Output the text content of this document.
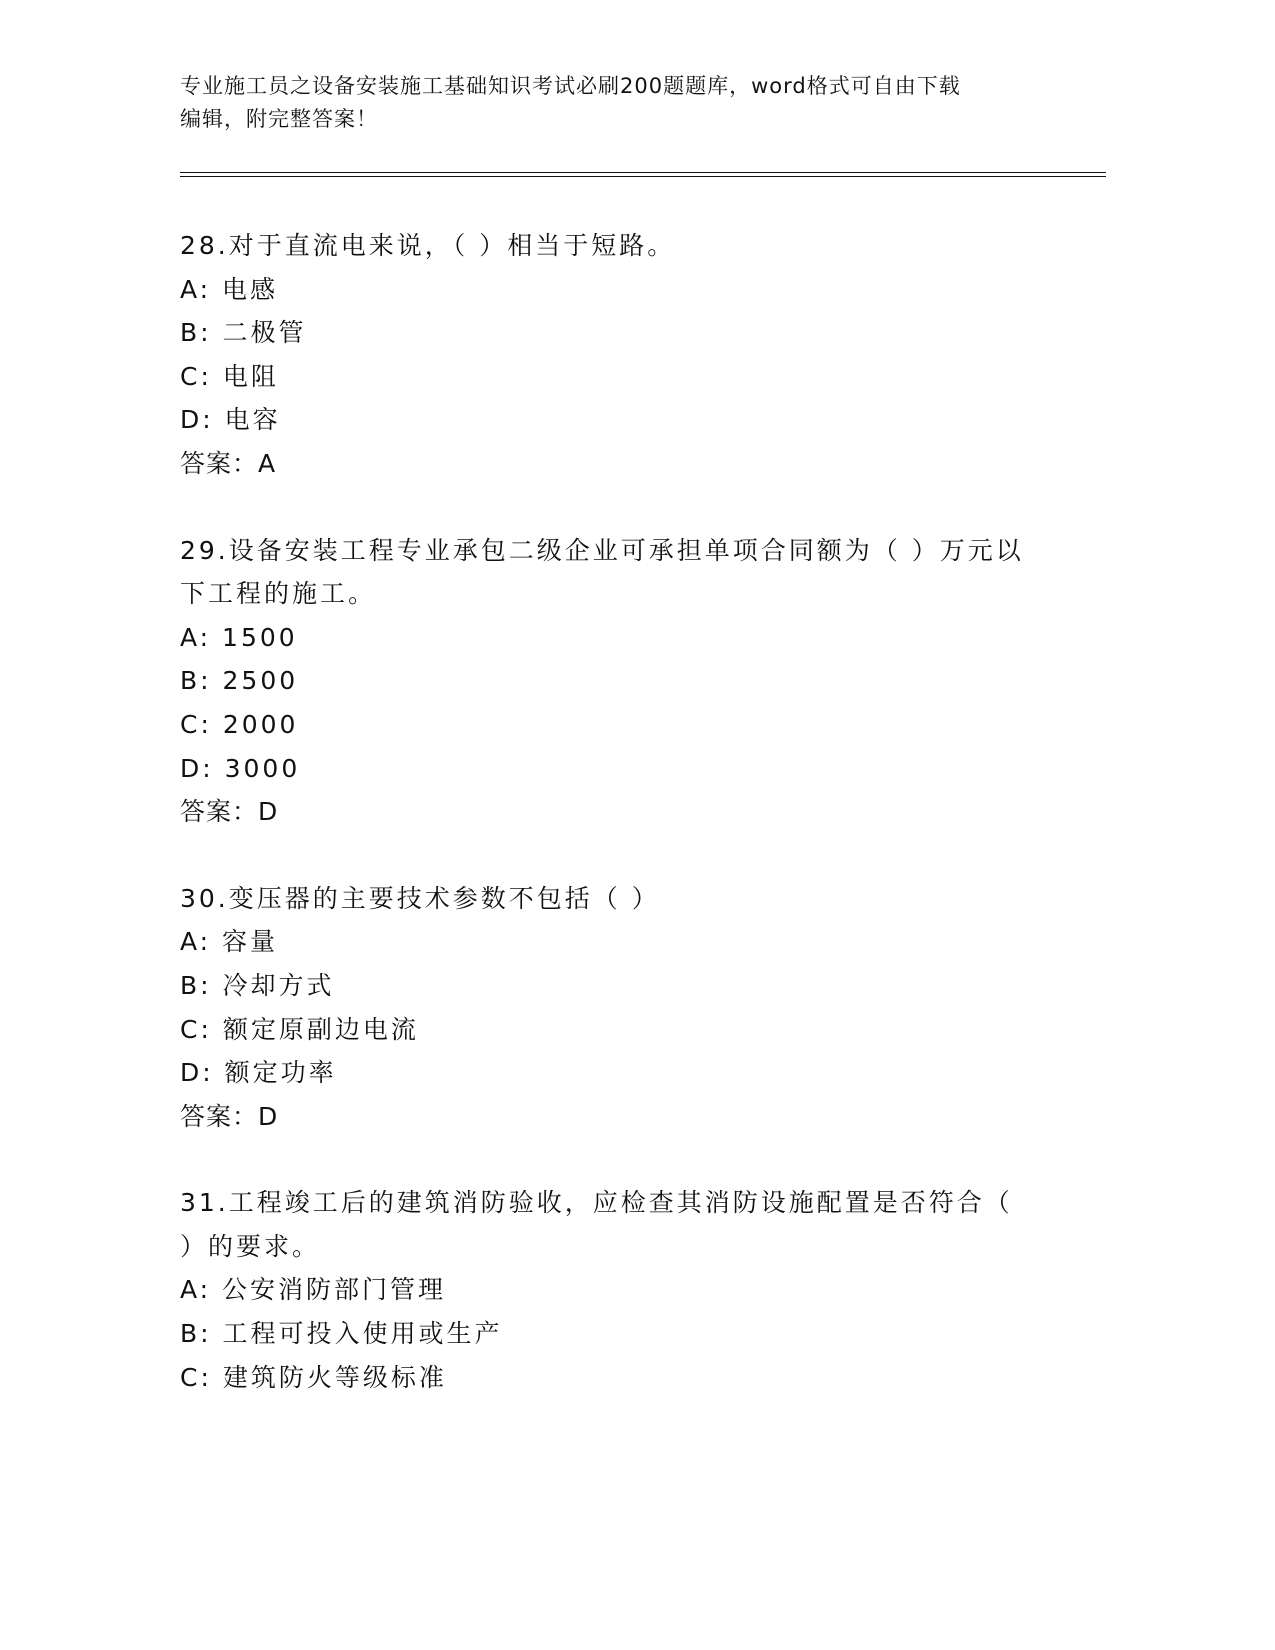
专业施工员之设备安装施工基础知识考试必刷200题题库，word格式可自由下载
编辑，附完整答案！
28.对于直流电来说，（ ）相当于短路。
A: 电感
B: 二极管
C: 电阻
D: 电容
答案：A
29.设备安装工程专业承包二级企业可承担单项合同额为（ ）万元以
下工程的施工。
A: 1500
B: 2500
C: 2000
D: 3000
答案：D
30.变压器的主要技术参数不包括（ ）
A: 容量
B: 冷却方式
C: 额定原副边电流
D: 额定功率
答案：D
31.工程竣工后的建筑消防验收，应检查其消防设施配置是否符合（
）的要求。
A: 公安消防部门管理
B: 工程可投入使用或生产
C: 建筑防火等级标准
